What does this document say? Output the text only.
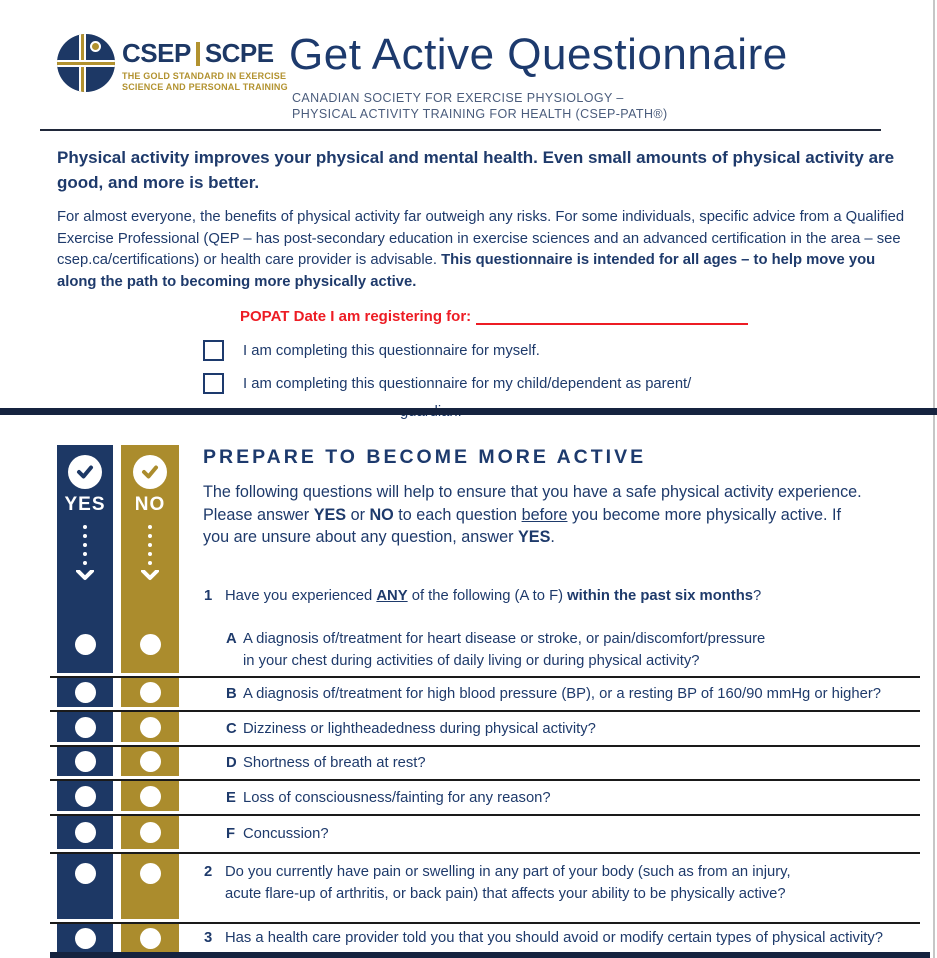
CSEP SCPE
THE GOLD STANDARD IN EXERCISE
SCIENCE AND PERSONAL TRAINING
Get Active Questionnaire
CANADIAN SOCIETY FOR EXERCISE PHYSIOLOGY –
PHYSICAL ACTIVITY TRAINING FOR HEALTH (CSEP-PATH®)
Physical activity improves your physical and mental health. Even small amounts of physical activity are good, and more is better.
For almost everyone, the benefits of physical activity far outweigh any risks. For some individuals, specific advice from a Qualified Exercise Professional (QEP – has post-secondary education in exercise sciences and an advanced certification in the area – see csep.ca/certifications) or health care provider is advisable. This questionnaire is intended for all ages – to help move you along the path to becoming more physically active.
POPAT Date I am registering for:
I am completing this questionnaire for myself.
I am completing this questionnaire for my child/dependent as parent/
YES NO
PREPARE TO BECOME MORE ACTIVE
The following questions will help to ensure that you have a safe physical activity experience. Please answer YES or NO to each question before you become more physically active. If you are unsure about any question, answer YES.
1 Have you experienced ANY of the following (A to F) within the past six months?
A A diagnosis of/treatment for heart disease or stroke, or pain/discomfort/pressure
in your chest during activities of daily living or during physical activity?
B A diagnosis of/treatment for high blood pressure (BP), or a resting BP of 160/90 mmHg or higher?
C Dizziness or lightheadedness during physical activity?
D Shortness of breath at rest?
E Loss of consciousness/fainting for any reason?
F Concussion?
2 Do you currently have pain or swelling in any part of your body (such as from an injury,
acute flare-up of arthritis, or back pain) that affects your ability to be physically active?
3 Has a health care provider told you that you should avoid or modify certain types of physical activity?
